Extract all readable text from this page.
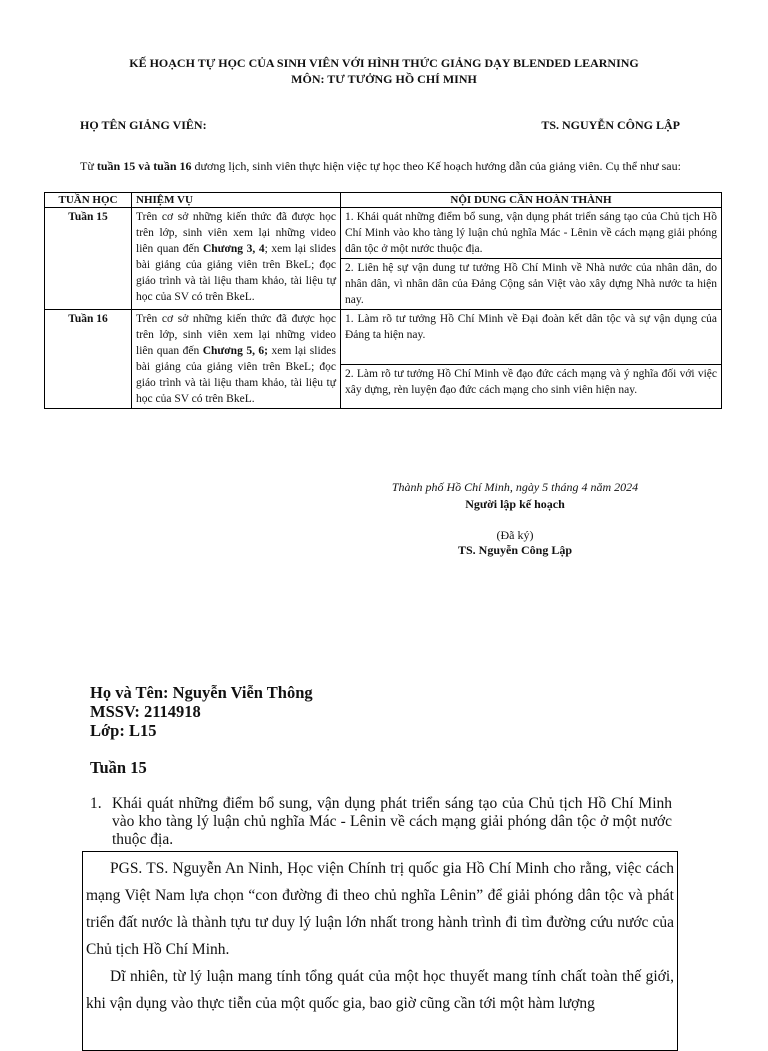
KẾ HOẠCH TỰ HỌC CỦA SINH VIÊN VỚI HÌNH THỨC GIẢNG DẠY BLENDED LEARNING
MÔN: TƯ TƯỞNG HỒ CHÍ MINH
HỌ TÊN GIẢNG VIÊN:	TS. NGUYỄN CÔNG LẬP
Từ tuần 15 và tuần 16 dương lịch, sinh viên thực hiện việc tự học theo Kế hoạch hướng dẫn của giảng viên. Cụ thể như sau:
TUẦN HỌC	NHIỆM VỤ	NỘI DUNG CẦN HOÀN THÀNH
Tuần 15	Trên cơ sở những kiến thức đã được học trên lớp, sinh viên xem lại những video liên quan đến Chương 3, 4; xem lại slides bài giảng của giảng viên trên BkeL; đọc giáo trình và tài liệu tham khảo, tài liệu tự học của SV có trên BkeL.	1. Khái quát những điểm bổ sung, vận dụng phát triển sáng tạo của Chủ tịch Hồ Chí Minh vào kho tàng lý luận chủ nghĩa Mác - Lênin về cách mạng giải phóng dân tộc ở một nước thuộc địa.
		2. Liên hệ sự vận dung tư tưởng Hồ Chí Minh về Nhà nước của nhân dân, do nhân dân, vì nhân dân của Đảng Cộng sản Việt vào xây dựng Nhà nước ta hiện nay.
Tuần 16	Trên cơ sở những kiến thức đã được học trên lớp, sinh viên xem lại những video liên quan đến Chương 5, 6; xem lại slides bài giảng của giảng viên trên BkeL; đọc giáo trình và tài liệu tham khảo, tài liệu tự học của SV có trên BkeL.	1. Làm rõ tư tưởng Hồ Chí Minh về Đại đoàn kết dân tộc và sự vận dụng của Đảng ta hiện nay.
		2. Làm rõ tư tưởng Hồ Chí Minh về đạo đức cách mạng và ý nghĩa đối với việc xây dựng, rèn luyện đạo đức cách mạng cho sinh viên hiện nay.
Thành phố Hồ Chí Minh, ngày 5 tháng 4 năm 2024
Người lập kế hoạch
(Đã ký)
TS. Nguyễn Công Lập
Họ và Tên: Nguyễn Viễn Thông
MSSV: 2114918
Lớp: L15
Tuần 15
1. Khái quát những điểm bổ sung, vận dụng phát triển sáng tạo của Chủ tịch Hồ Chí Minh vào kho tàng lý luận chủ nghĩa Mác - Lênin về cách mạng giải phóng dân tộc ở một nước thuộc địa.

PGS. TS. Nguyễn An Ninh, Học viện Chính trị quốc gia Hồ Chí Minh cho rằng, việc cách mạng Việt Nam lựa chọn “con đường đi theo chủ nghĩa Lênin” để giải phóng dân tộc và phát triển đất nước là thành tựu tư duy lý luận lớn nhất trong hành trình đi tìm đường cứu nước của Chủ tịch Hồ Chí Minh.

Dĩ nhiên, từ lý luận mang tính tổng quát của một học thuyết mang tính chất toàn thế giới, khi vận dụng vào thực tiễn của một quốc gia, bao giờ cũng cần tới một hàm lượng
